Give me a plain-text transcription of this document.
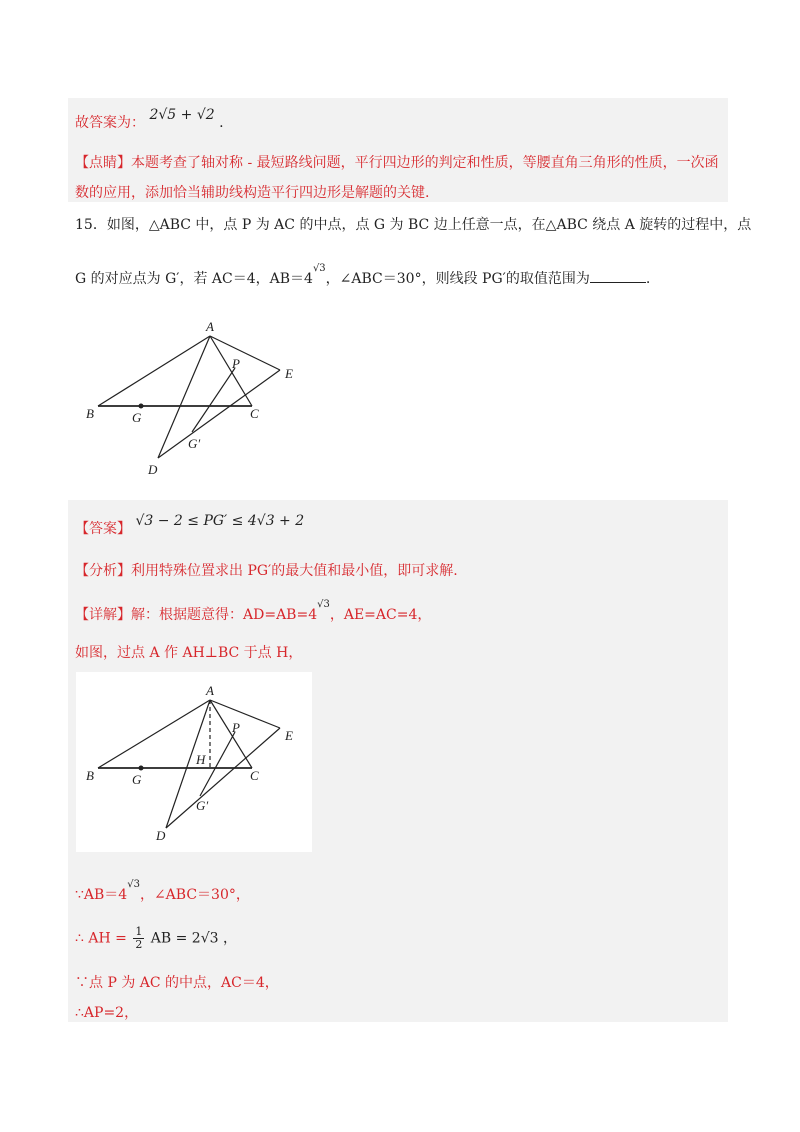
故答案为： 2√5 + √2 .
【点睛】本题考查了轴对称 - 最短路线问题，平行四边形的判定和性质，等腰直角三角形的性质，一次函
数的应用，添加恰当辅助线构造平行四边形是解题的关键.
15．如图，△ABC 中，点 P 为 AC 的中点，点 G 为 BC 边上任意一点，在△ABC 绕点 A 旋转的过程中，点
G 的对应点为 G′，若 AC＝4，$AB=4^{√3}$，∠ABC＝30°，则线段 PG′的取值范围为	.
A
P
E
B	G	C
G′
D
【答案】 √3 − 2 ≤ PG′ ≤ 4√3 + 2
【分析】利用特殊位置求出 PG′的最大值和最小值，即可求解.
【详解】解：根据题意得：$AD=AB=4^{√3}$，AE=AC=4，
如图，过点 A 作 AH⊥BC 于点 H，
A
P
E
B	G
H
C
G′
D
$\because AB=4^{√3}$，∠ABC＝30°，
∴ AH = $\frac{1}{2}$ AB = 2√3 ，
∵点 P 为 AC 的中点，AC＝4，
∴AP=2，
